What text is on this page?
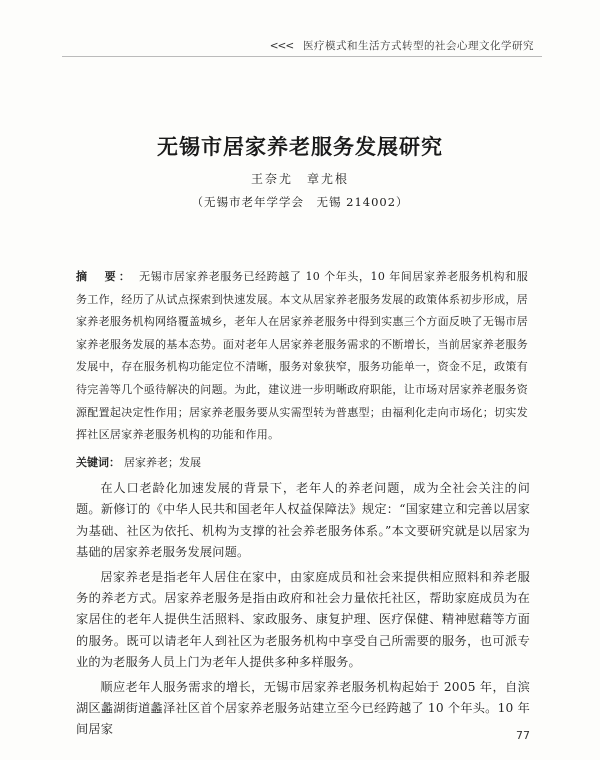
<<< 医疗模式和生活方式转型的社会心理文化学研究
无锡市居家养老服务发展研究
王奈尤　章尤根
（无锡市老年学学会　无锡 214002）
摘　要： 无锡市居家养老服务已经跨越了 10 个年头，10 年间居家养老服务机构和服务工作，经历了从试点探索到快速发展。本文从居家养老服务发展的政策体系初步形成，居家养老服务机构网络覆盖城乡，老年人在居家养老服务中得到实惠三个方面反映了无锡市居家养老服务发展的基本态势。面对老年人居家养老服务需求的不断增长，当前居家养老服务发展中，存在服务机构功能定位不清晰，服务对象狭窄，服务功能单一，资金不足，政策有待完善等几个亟待解决的问题。为此，建议进一步明晰政府职能，让市场对居家养老服务资源配置起决定性作用；居家养老服务要从实需型转为普惠型；由福利化走向市场化；切实发挥社区居家养老服务机构的功能和作用。
关键词： 居家养老；发展

在人口老龄化加速发展的背景下，老年人的养老问题，成为全社会关注的问题。新修订的《中华人民共和国老年人权益保障法》规定：“国家建立和完善以居家为基础、社区为依托、机构为支撑的社会养老服务体系。”本文要研究就是以居家为基础的居家养老服务发展问题。

居家养老是指老年人居住在家中，由家庭成员和社会来提供相应照料和养老服务的养老方式。居家养老服务是指由政府和社会力量依托社区，帮助家庭成员为在家居住的老年人提供生活照料、家政服务、康复护理、医疗保健、精神慰藉等方面的服务。既可以请老年人到社区为老服务机构中享受自己所需要的服务，也可派专业的为老服务人员上门为老年人提供多种多样服务。

顺应老年人服务需求的增长，无锡市居家养老服务机构起始于 2005 年，自滨湖区蠡湖街道蠡泽社区首个居家养老服务站建立至今已经跨越了 10 个年头。10 年间居家	77
